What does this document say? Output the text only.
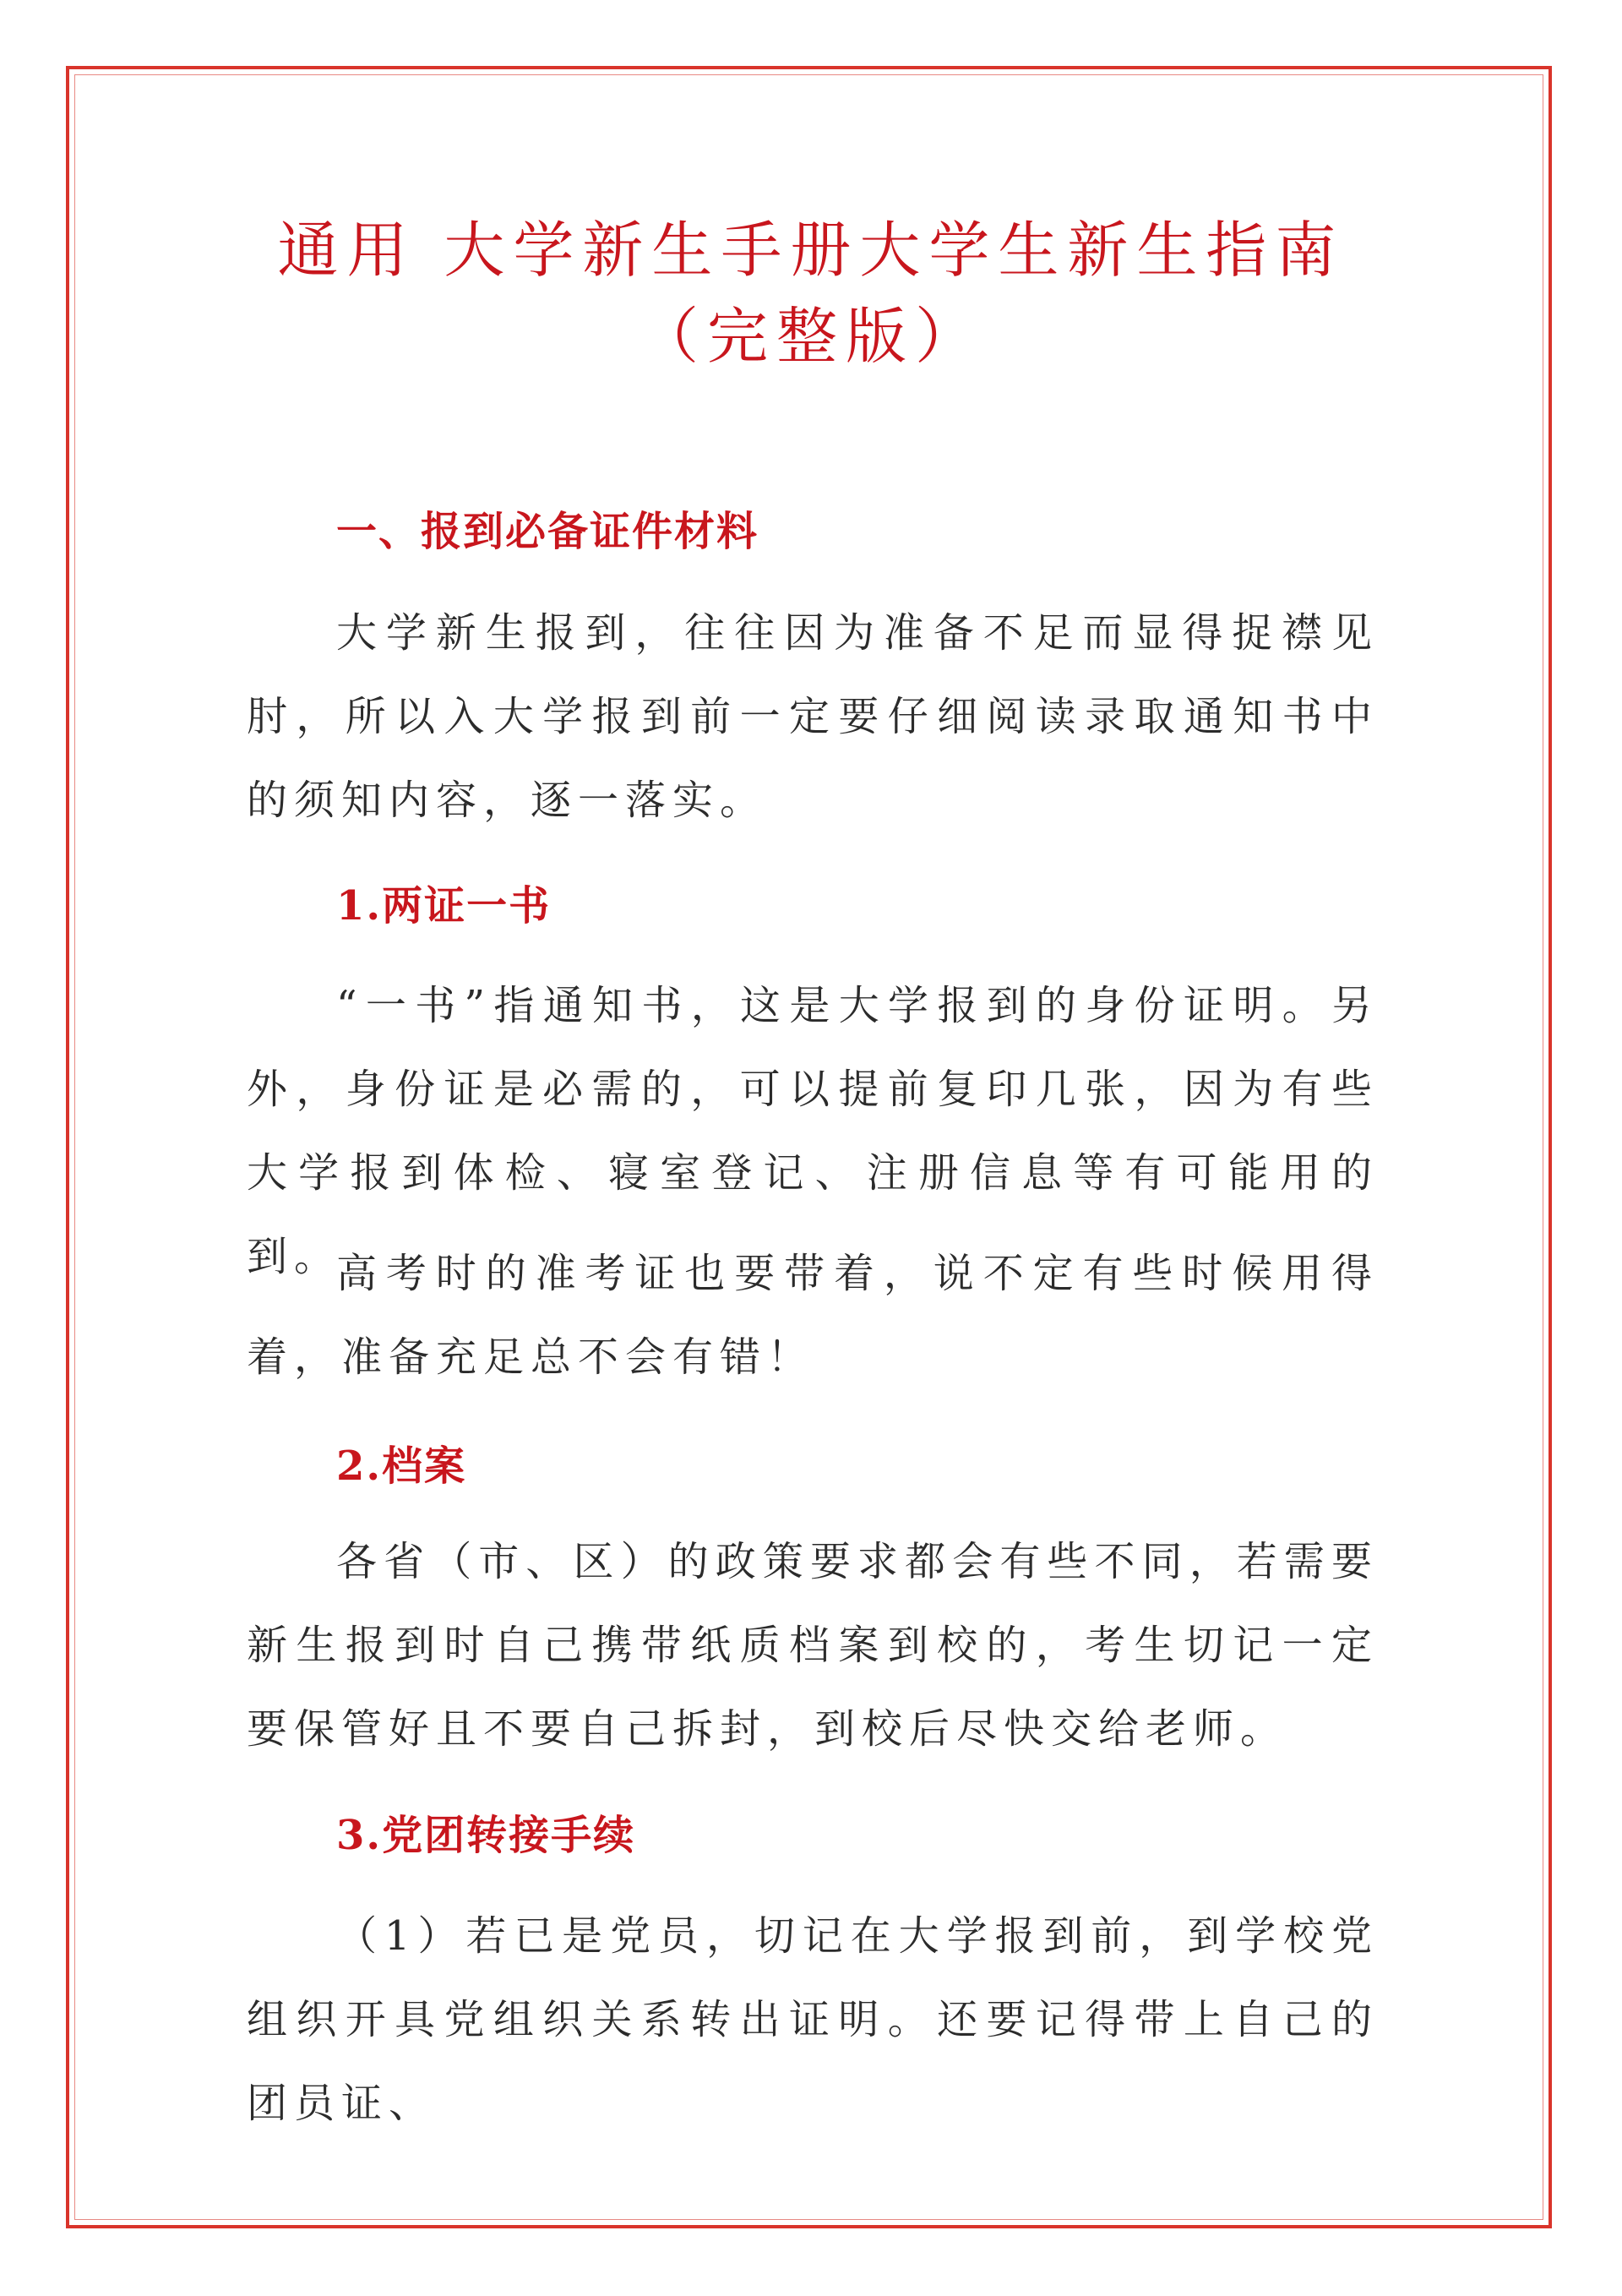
通用 大学新生手册大学生新生指南
（完整版）
一、报到必备证件材料

大学新生报到，往往因为准备不足而显得捉襟见肘，所以入大学报到前一定要仔细阅读录取通知书中的须知内容，逐一落实。

1.两证一书

“一书”指通知书，这是大学报到的身份证明。另外，身份证是必需的，可以提前复印几张，因为有些大学报到体检、寝室登记、注册信息等有可能用的到。

高考时的准考证也要带着，说不定有些时候用得着，准备充足总不会有错！

2.档案

各省（市、区）的政策要求都会有些不同，若需要新生报到时自己携带纸质档案到校的，考生切记一定要保管好且不要自己拆封，到校后尽快交给老师。

3.党团转接手续

（1）若已是党员，切记在大学报到前，到学校党组织开具党组织关系转出证明。还要记得带上自己的团员证、
